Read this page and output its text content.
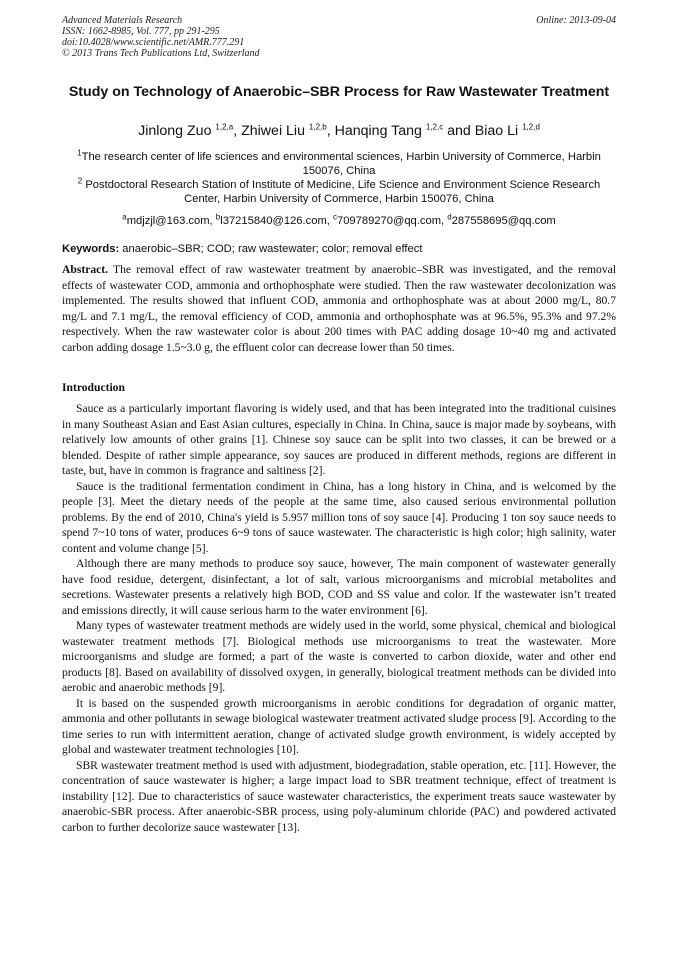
Advanced Materials Research
ISSN: 1662-8985, Vol. 777, pp 291-295
doi:10.4028/www.scientific.net/AMR.777.291
© 2013 Trans Tech Publications Ltd, Switzerland
Online: 2013-09-04
Study on Technology of Anaerobic–SBR Process for Raw Wastewater Treatment
Jinlong Zuo $^{1,2,a}$, Zhiwei Liu $^{1,2,b}$, Hanqing Tang $^{1,2,c}$ and Biao Li $^{1,2,d}$
$^1$The research center of life sciences and environmental sciences, Harbin University of Commerce, Harbin 150076, China
$^2$ Postdoctoral Research Station of Institute of Medicine, Life Science and Environment Science Research Center, Harbin University of Commerce, Harbin 150076, China
$^a$mdjzjl@163.com, $^b$l37215840@126.com, $^c$709789270@qq.com, $^d$287558695@qq.com
Keywords: anaerobic–SBR; COD; raw wastewater; color; removal effect

Abstract. The removal effect of raw wastewater treatment by anaerobic–SBR was investigated, and the removal effects of wastewater COD, ammonia and orthophosphate were studied. Then the raw wastewater decolonization was implemented. The results showed that influent COD, ammonia and orthophosphate was at about 2000 mg/L, 80.7 mg/L and 7.1 mg/L, the removal efficiency of COD, ammonia and orthophosphate was at 96.5%, 95.3% and 97.2% respectively. When the raw wastewater color is about 200 times with PAC adding dosage 10~40 mg and activated carbon adding dosage 1.5~3.0 g, the effluent color can decrease lower than 50 times.

Introduction

Sauce as a particularly important flavoring is widely used, and that has been integrated into the traditional cuisines in many Southeast Asian and East Asian cultures, especially in China. In China, sauce is major made by soybeans, with relatively low amounts of other grains [1]. Chinese soy sauce can be split into two classes, it can be brewed or a blended. Despite of rather simple appearance, soy sauces are produced in different methods, regions are different in taste, but, have in common is fragrance and saltiness [2].

Sauce is the traditional fermentation condiment in China, has a long history in China, and is welcomed by the people [3]. Meet the dietary needs of the people at the same time, also caused serious environmental pollution problems. By the end of 2010, China's yield is 5.957 million tons of soy sauce [4]. Producing 1 ton soy sauce needs to spend 7~10 tons of water, produces 6~9 tons of sauce wastewater. The characteristic is high color; high salinity, water content and volume change [5].

Although there are many methods to produce soy sauce, however, The main component of wastewater generally have food residue, detergent, disinfectant, a lot of salt, various microorganisms and microbial metabolites and secretions. Wastewater presents a relatively high BOD, COD and SS value and color. If the wastewater isn’t treated and emissions directly, it will cause serious harm to the water environment [6].

Many types of wastewater treatment methods are widely used in the world, some physical, chemical and biological wastewater treatment methods [7]. Biological methods use microorganisms to treat the wastewater. More microorganisms and sludge are formed; a part of the waste is converted to carbon dioxide, water and other end products [8]. Based on availability of dissolved oxygen, in generally, biological treatment methods can be divided into aerobic and anaerobic methods [9].

It is based on the suspended growth microorganisms in aerobic conditions for degradation of organic matter, ammonia and other pollutants in sewage biological wastewater treatment activated sludge process [9]. According to the time series to run with intermittent aeration, change of activated sludge growth environment, is widely accepted by global and wastewater treatment technologies [10].

SBR wastewater treatment method is used with adjustment, biodegradation, stable operation, etc. [11]. However, the concentration of sauce wastewater is higher; a large impact load to SBR treatment technique, effect of treatment is instability [12]. Due to characteristics of sauce wastewater characteristics, the experiment treats sauce wastewater by anaerobic-SBR process. After anaerobic-SBR process, using poly-aluminum chloride (PAC) and powdered activated carbon to further decolorize sauce wastewater [13].
